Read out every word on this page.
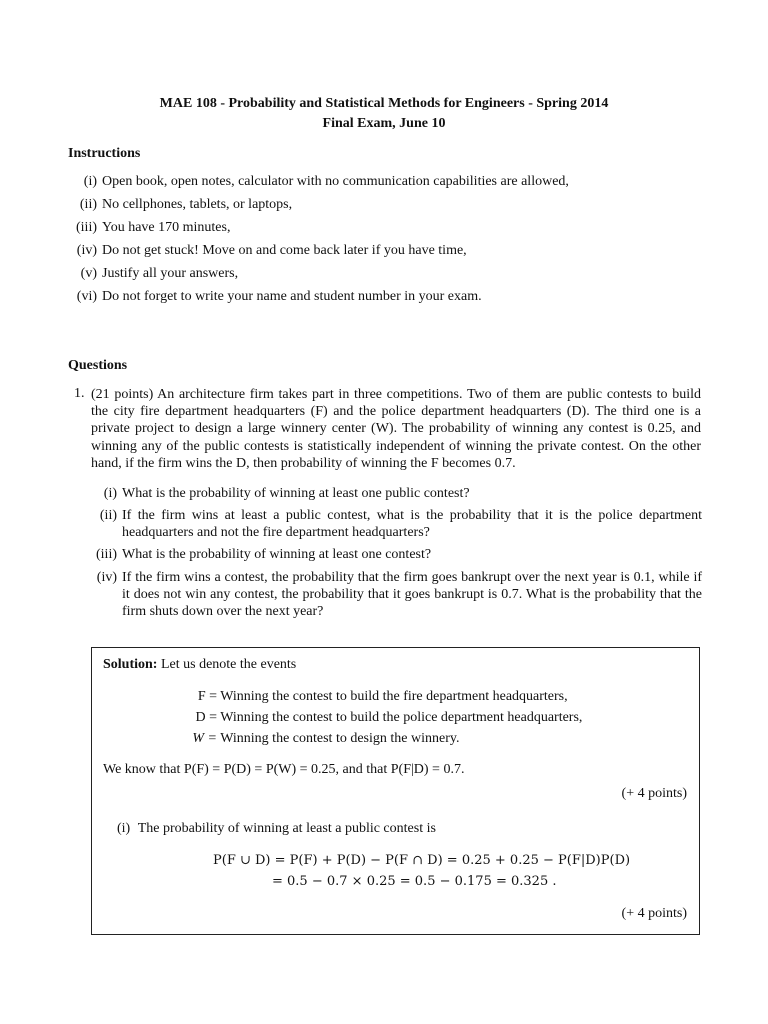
MAE 108 - Probability and Statistical Methods for Engineers - Spring 2014
Final Exam, June 10
Instructions
(i) Open book, open notes, calculator with no communication capabilities are allowed,
(ii) No cellphones, tablets, or laptops,
(iii) You have 170 minutes,
(iv) Do not get stuck! Move on and come back later if you have time,
(v) Justify all your answers,
(vi) Do not forget to write your name and student number in your exam.
Questions
1. (21 points) An architecture firm takes part in three competitions. Two of them are public contests to build the city fire department headquarters (F) and the police department headquarters (D). The third one is a private project to design a large winnery center (W). The probability of winning any contest is 0.25, and winning any of the public contests is statistically independent of winning the private contest. On the other hand, if the firm wins the D, then probability of winning the F becomes 0.7.
(i) What is the probability of winning at least one public contest?
(ii) If the firm wins at least a public contest, what is the probability that it is the police department headquarters and not the fire department headquarters?
(iii) What is the probability of winning at least one contest?
(iv) If the firm wins a contest, the probability that the firm goes bankrupt over the next year is 0.1, while if it does not win any contest, the probability that it goes bankrupt is 0.7. What is the probability that the firm shuts down over the next year?
Solution: Let us denote the events
F = Winning the contest to build the fire department headquarters,
D = Winning the contest to build the police department headquarters,
W = Winning the contest to design the winnery.
We know that P(F) = P(D) = P(W) = 0.25, and that P(F|D) = 0.7.
(+ 4 points)
(i) The probability of winning at least a public contest is
P(F ∪ D) = P(F) + P(D) − P(F ∩ D) = 0.25 + 0.25 − P(F|D)P(D)
= 0.5 − 0.7 × 0.25 = 0.5 − 0.175 = 0.325 .
(+ 4 points)
